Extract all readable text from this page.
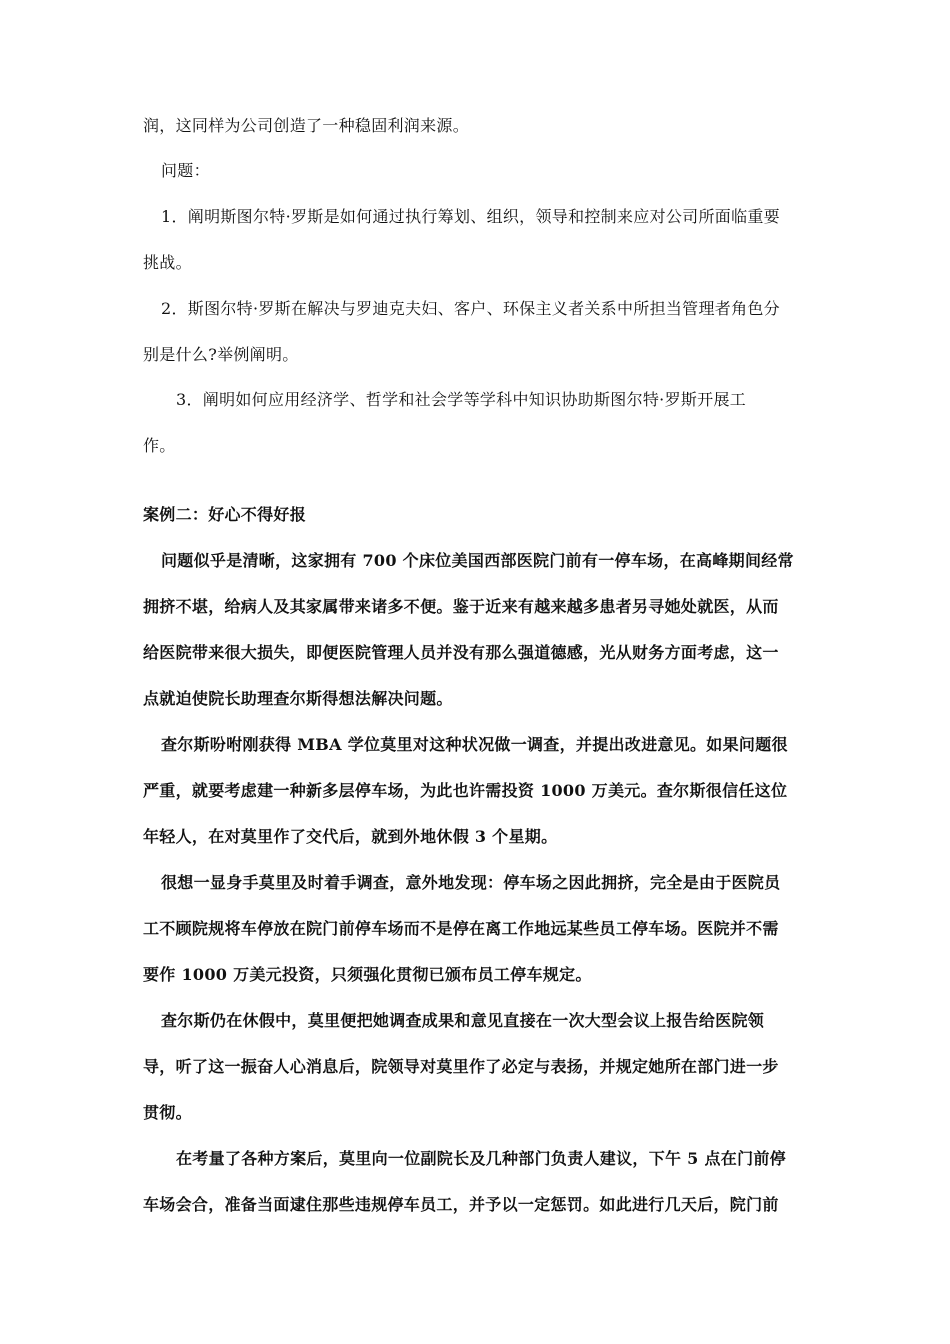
润，这同样为公司创造了一种稳固利润来源。
问题：
1．阐明斯图尔特·罗斯是如何通过执行筹划、组织，领导和控制来应对公司所面临重要
挑战。
2．斯图尔特·罗斯在解决与罗迪克夫妇、客户、环保主义者关系中所担当管理者角色分
别是什么?举例阐明。
3．阐明如何应用经济学、哲学和社会学等学科中知识协助斯图尔特·罗斯开展工
作。
案例二：好心不得好报
问题似乎是清晰，这家拥有 700 个床位美国西部医院门前有一停车场，在高峰期间经常
拥挤不堪，给病人及其家属带来诸多不便。鉴于近来有越来越多患者另寻她处就医，从而
给医院带来很大损失，即便医院管理人员并没有那么强道德感，光从财务方面考虑，这一
点就迫使院长助理查尔斯得想法解决问题。
查尔斯吩咐刚获得 MBA 学位莫里对这种状况做一调查，并提出改进意见。如果问题很
严重，就要考虑建一种新多层停车场，为此也许需投资 1000 万美元。查尔斯很信任这位
年轻人，在对莫里作了交代后，就到外地休假 3 个星期。
很想一显身手莫里及时着手调查，意外地发现：停车场之因此拥挤，完全是由于医院员
工不顾院规将车停放在院门前停车场而不是停在离工作地远某些员工停车场。医院并不需
要作 1000 万美元投资，只须强化贯彻已颁布员工停车规定。
查尔斯仍在休假中，莫里便把她调查成果和意见直接在一次大型会议上报告给医院领
导，听了这一振奋人心消息后，院领导对莫里作了必定与表扬，并规定她所在部门进一步
贯彻。
在考量了各种方案后，莫里向一位副院长及几种部门负责人建议，下午 5 点在门前停
车场会合，准备当面逮住那些违规停车员工，并予以一定惩罚。如此进行几天后，院门前
